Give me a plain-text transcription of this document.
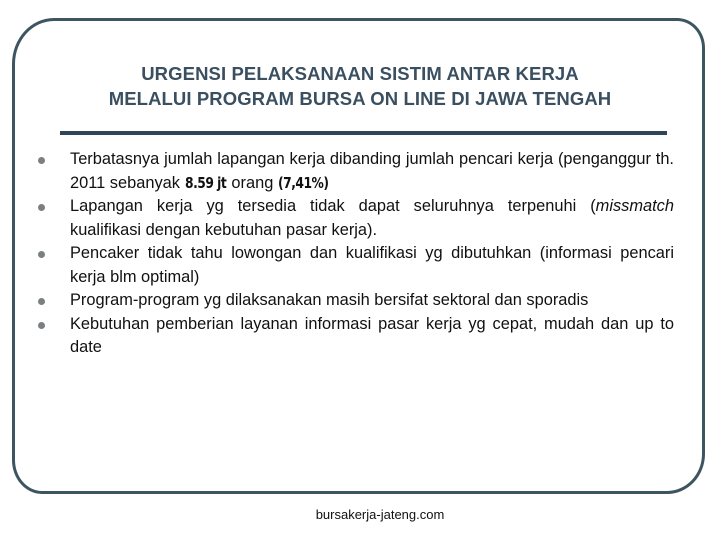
URGENSI PELAKSANAAN SISTIM ANTAR KERJA
MELALUI PROGRAM BURSA ON LINE DI JAWA TENGAH
Terbatasnya jumlah lapangan kerja dibanding jumlah pencari kerja (penganggur th. 2011 sebanyak 8.59 jt orang (7,41%)
Lapangan kerja yg tersedia tidak dapat seluruhnya terpenuhi (missmatch kualifikasi dengan kebutuhan pasar kerja).
Pencaker tidak tahu lowongan dan kualifikasi yg dibutuhkan (informasi pencari kerja blm optimal)
Program-program yg dilaksanakan masih bersifat sektoral dan sporadis
Kebutuhan pemberian layanan informasi pasar kerja yg cepat, mudah dan up to date
bursakerja-jateng.com
